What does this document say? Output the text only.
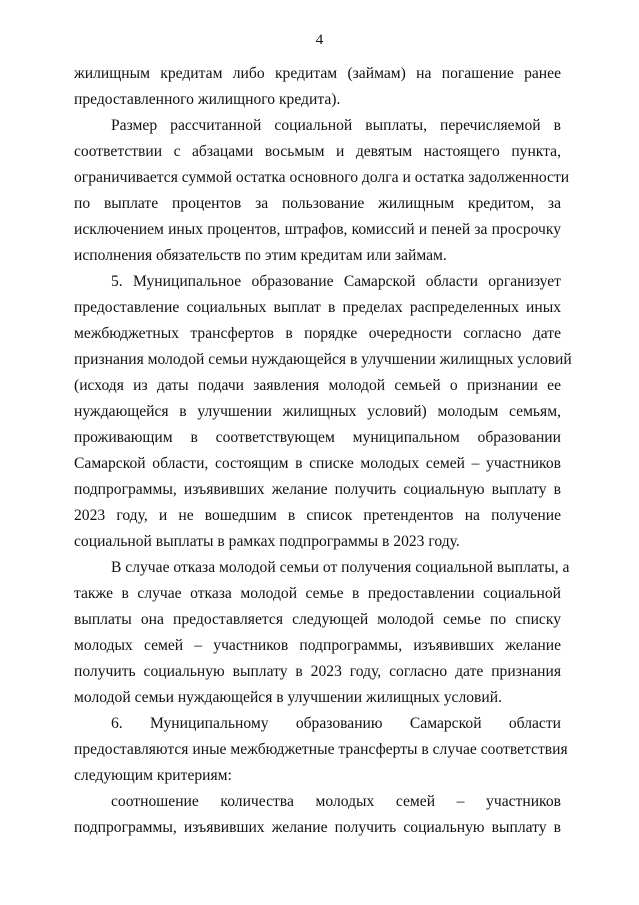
4
жилищным кредитам либо кредитам (займам) на погашение ранее
предоставленного жилищного кредита).
Размер рассчитанной социальной выплаты, перечисляемой в
соответствии с абзацами восьмым и девятым настоящего пункта,
ограничивается суммой остатка основного долга и остатка задолженности
по выплате процентов за пользование жилищным кредитом, за
исключением иных процентов, штрафов, комиссий и пеней за просрочку
исполнения обязательств по этим кредитам или займам.
5. Муниципальное образование Самарской области организует
предоставление социальных выплат в пределах распределенных иных
межбюджетных трансфертов в порядке очередности согласно дате
признания молодой семьи нуждающейся в улучшении жилищных условий
(исходя из даты подачи заявления молодой семьей о признании ее
нуждающейся в улучшении жилищных условий) молодым семьям,
проживающим в соответствующем муниципальном образовании
Самарской области, состоящим в списке молодых семей – участников
подпрограммы, изъявивших желание получить социальную выплату в
2023 году, и не вошедшим в список претендентов на получение
социальной выплаты в рамках подпрограммы в 2023 году.
В случае отказа молодой семьи от получения социальной выплаты, а
также в случае отказа молодой семье в предоставлении социальной
выплаты она предоставляется следующей молодой семье по списку
молодых семей – участников подпрограммы, изъявивших желание
получить социальную выплату в 2023 году, согласно дате признания
молодой семьи нуждающейся в улучшении жилищных условий.
6. Муниципальному образованию Самарской области
предоставляются иные межбюджетные трансферты в случае соответствия
следующим критериям:
соотношение количества молодых семей – участников
подпрограммы, изъявивших желание получить социальную выплату в
